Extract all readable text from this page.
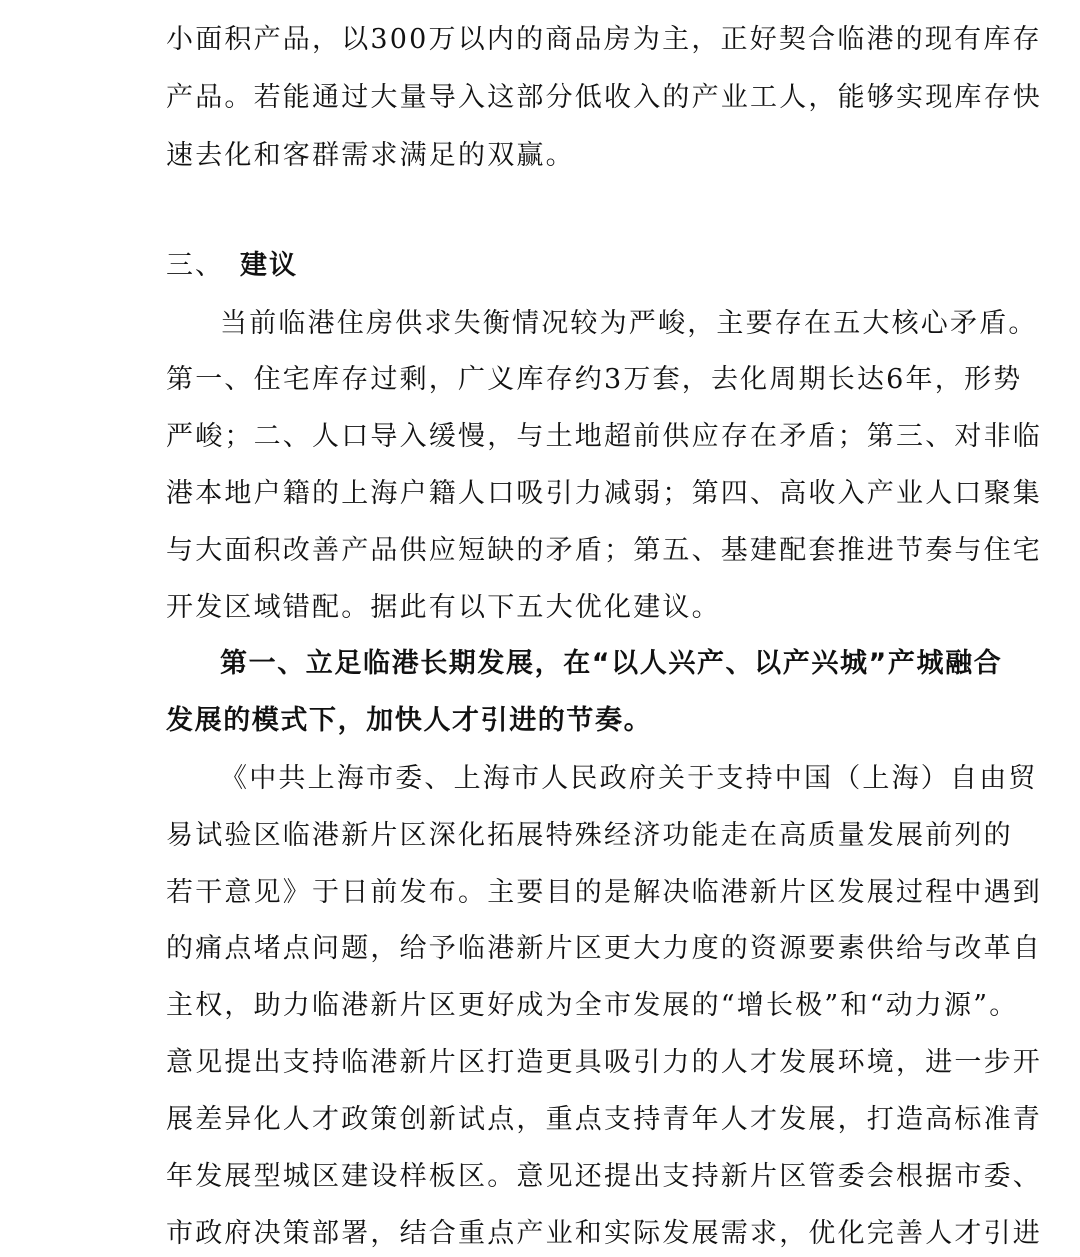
小面积产品，以300万以内的商品房为主，正好契合临港的现有库存
产品。若能通过大量导入这部分低收入的产业工人，能够实现库存快
速去化和客群需求满足的双赢。
三、 建议
当前临港住房供求失衡情况较为严峻，主要存在五大核心矛盾。
第一、住宅库存过剩，广义库存约3万套，去化周期长达6年，形势
严峻；二、人口导入缓慢，与土地超前供应存在矛盾；第三、对非临
港本地户籍的上海户籍人口吸引力减弱；第四、高收入产业人口聚集
与大面积改善产品供应短缺的矛盾；第五、基建配套推进节奏与住宅
开发区域错配。据此有以下五大优化建议。
第一、立足临港长期发展，在“以人兴产、以产兴城”产城融合
发展的模式下，加快人才引进的节奏。
《中共上海市委、上海市人民政府关于支持中国（上海）自由贸
易试验区临港新片区深化拓展特殊经济功能走在高质量发展前列的
若干意见》于日前发布。主要目的是解决临港新片区发展过程中遇到
的痛点堵点问题，给予临港新片区更大力度的资源要素供给与改革自
主权，助力临港新片区更好成为全市发展的“增长极”和“动力源”。
意见提出支持临港新片区打造更具吸引力的人才发展环境，进一步开
展差异化人才政策创新试点，重点支持青年人才发展，打造高标准青
年发展型城区建设样板区。意见还提出支持新片区管委会根据市委、
市政府决策部署，结合重点产业和实际发展需求，优化完善人才引进
